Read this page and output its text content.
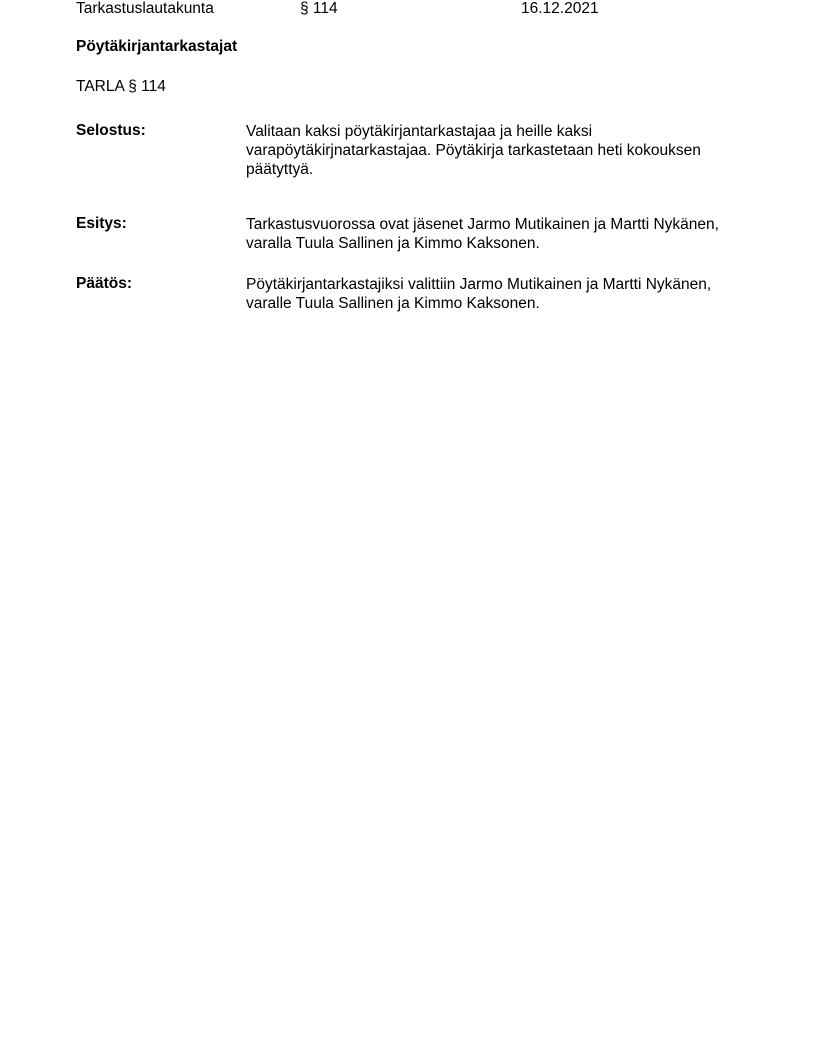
Tarkastuslautakunta	§ 114	16.12.2021
Pöytäkirjantarkastajat
TARLA § 114
Selostus:	Valitaan kaksi pöytäkirjantarkastajaa ja heille kaksi
varapöytäkirjnatarkastajaa. Pöytäkirja tarkastetaan heti kokouksen
päätyttyä.
Esitys:	Tarkastusvuorossa ovat jäsenet Jarmo Mutikainen ja Martti Nykänen,
varalla Tuula Sallinen ja Kimmo Kaksonen.
Päätös:	Pöytäkirjantarkastajiksi valittiin Jarmo Mutikainen ja Martti Nykänen,
varalle Tuula Sallinen ja Kimmo Kaksonen.
